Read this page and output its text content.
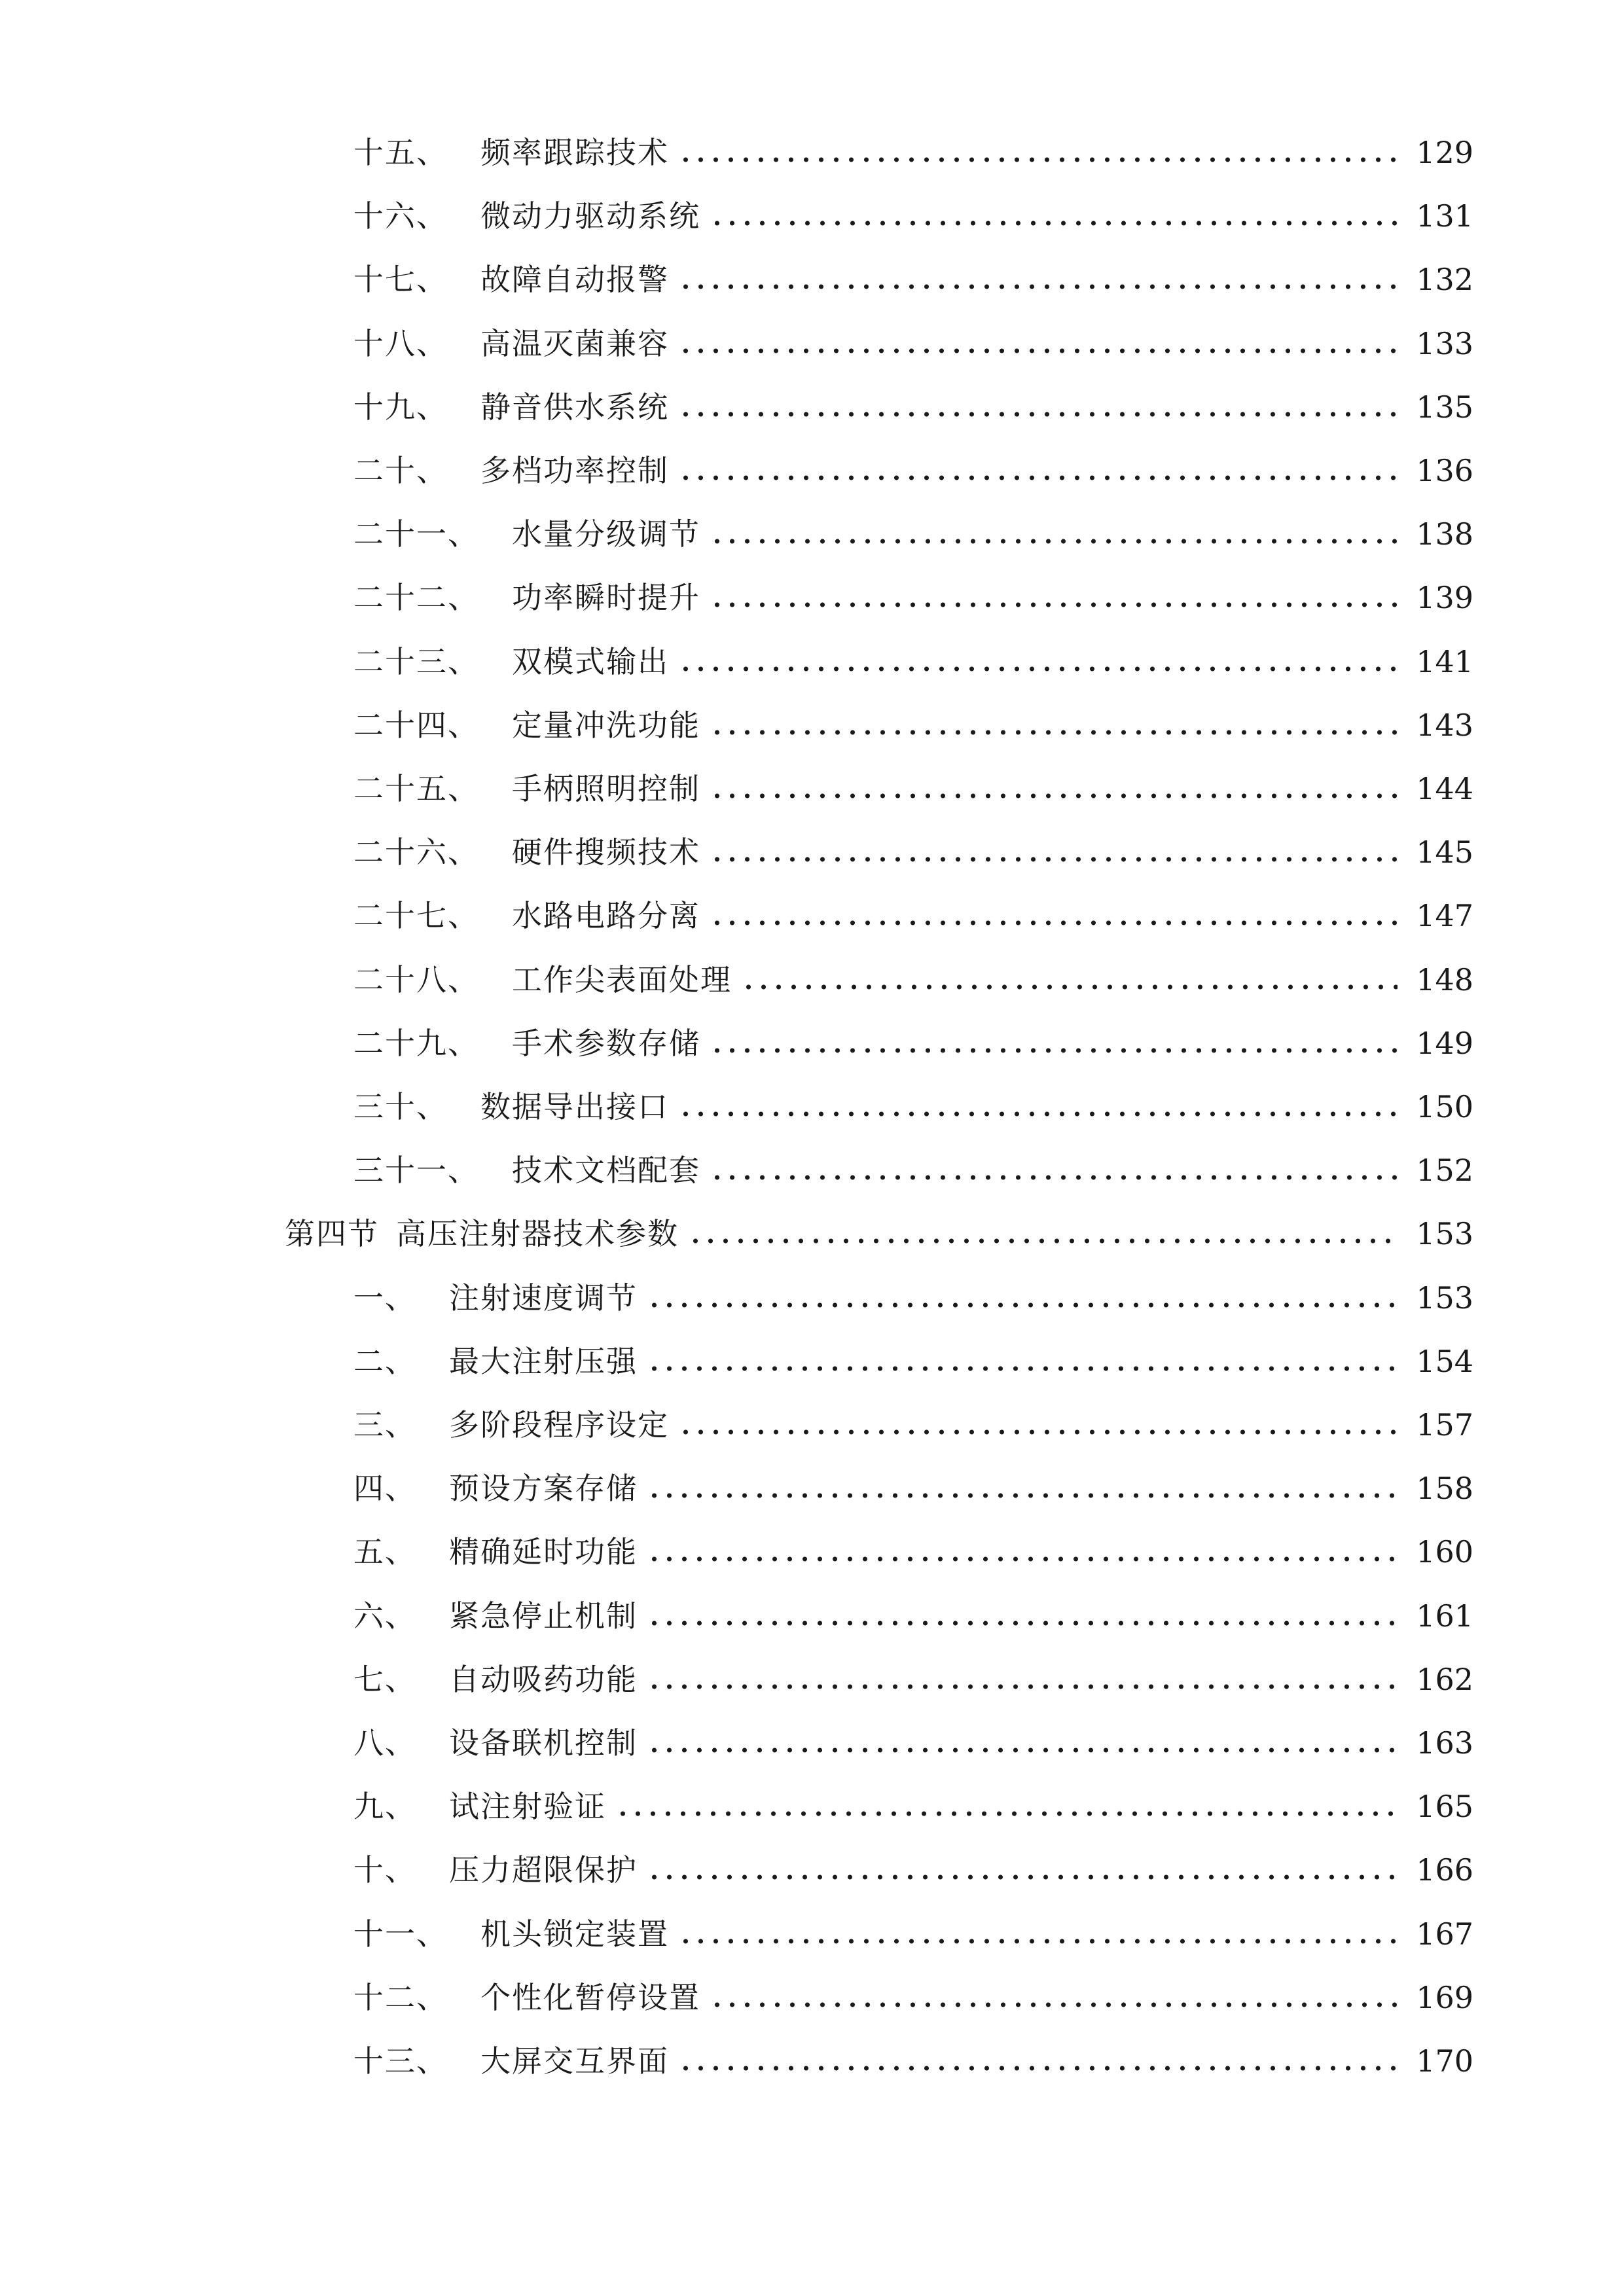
十五、 频率跟踪技术	129
十六、 微动力驱动系统	131
十七、 故障自动报警	132
十八、 高温灭菌兼容	133
十九、 静音供水系统	135
二十、 多档功率控制	136
二十一、 水量分级调节	138
二十二、 功率瞬时提升	139
二十三、 双模式输出	141
二十四、 定量冲洗功能	143
二十五、 手柄照明控制	144
二十六、 硬件搜频技术	145
二十七、 水路电路分离	147
二十八、 工作尖表面处理	148
二十九、 手术参数存储	149
三十、 数据导出接口	150
三十一、 技术文档配套	152
第四节 高压注射器技术参数	153
一、 注射速度调节	153
二、 最大注射压强	154
三、 多阶段程序设定	157
四、 预设方案存储	158
五、 精确延时功能	160
六、 紧急停止机制	161
七、 自动吸药功能	162
八、 设备联机控制	163
九、 试注射验证	165
十、 压力超限保护	166
十一、 机头锁定装置	167
十二、 个性化暂停设置	169
十三、 大屏交互界面	170
